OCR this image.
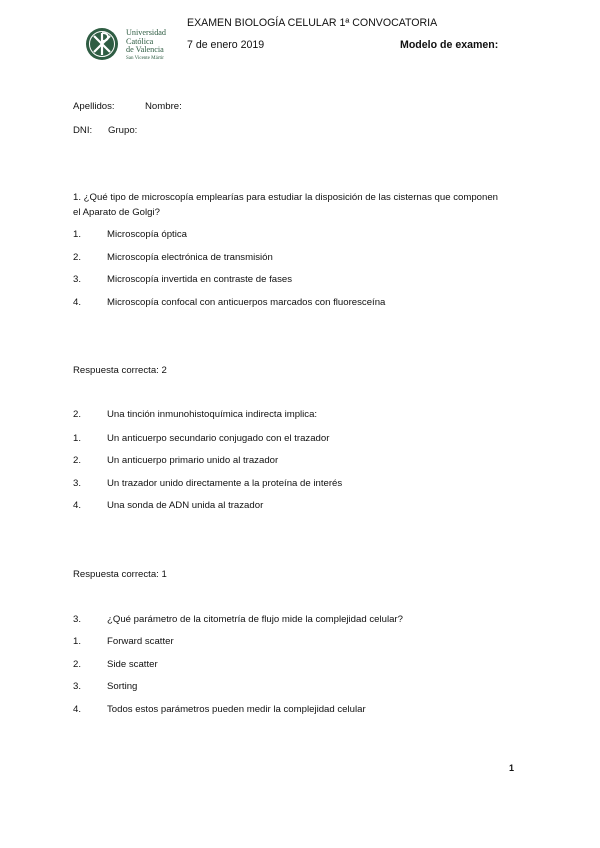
Universidad
Católica
de Valencia
San Vicente Mártir
EXAMEN BIOLOGÍA CELULAR 1ª CONVOCATORIA
7 de enero 2019	Modelo de examen:
Apellidos:	Nombre:
DNI: Grupo:
1. ¿Qué tipo de microscopía emplearías para estudiar la disposición de las cisternas que componen
el Aparato de Golgi?
1.	Microscopía óptica
2.	Microscopía electrónica de transmisión
3.	Microscopía invertida en contraste de fases
4.	Microscopía confocal con anticuerpos marcados con fluoresceína
Respuesta correcta: 2
2.	Una tinción inmunohistoquímica indirecta implica:
1.	Un anticuerpo secundario conjugado con el trazador
2.	Un anticuerpo primario unido al trazador
3.	Un trazador unido directamente a la proteína de interés
4.	Una sonda de ADN unida al trazador
Respuesta correcta: 1
3.	¿Qué parámetro de la citometría de flujo mide la complejidad celular?
1.	Forward scatter
2.	Side scatter
3.	Sorting
4.	Todos estos parámetros pueden medir la complejidad celular
1
